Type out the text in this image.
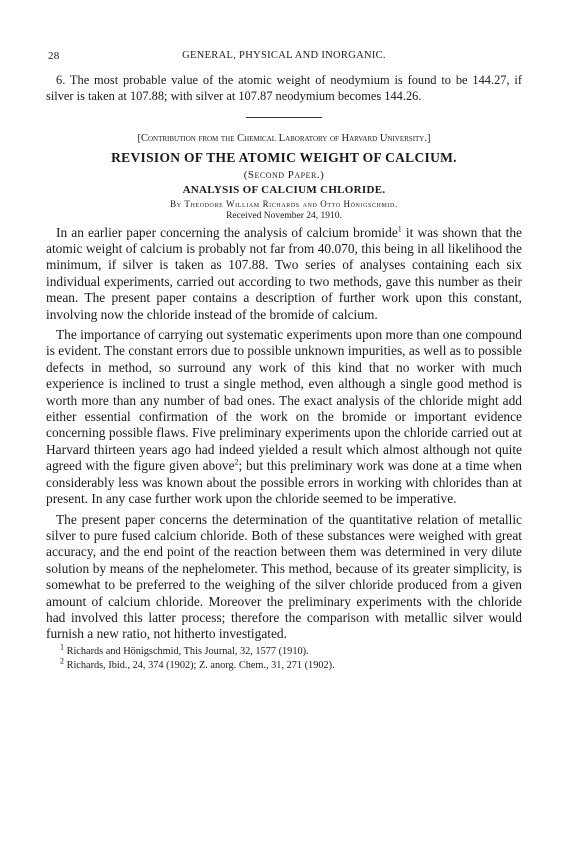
28	GENERAL, PHYSICAL AND INORGANIC.

6. The most probable value of the atomic weight of neodymium is found to be 144.27, if silver is taken at 107.88; with silver at 107.87 neodymium becomes 144.26.

[Contribution from the Chemical Laboratory of Harvard University.]
REVISION OF THE ATOMIC WEIGHT OF CALCIUM.
(Second Paper.)
ANALYSIS OF CALCIUM CHLORIDE.
By Theodore William Richards and Otto Hönigschmid.
Received November 24, 1910.

In an earlier paper concerning the analysis of calcium bromide$^1$ it was shown that the atomic weight of calcium is probably not far from 40.070, this being in all likelihood the minimum, if silver is taken as 107.88. Two series of analyses containing each six individual experiments, carried out according to two methods, gave this number as their mean. The present paper contains a description of further work upon this constant, involving now the chloride instead of the bromide of calcium.

The importance of carrying out systematic experiments upon more than one compound is evident. The constant errors due to possible unknown impurities, as well as to possible defects in method, so surround any work of this kind that no worker with much experience is inclined to trust a single method, even although a single good method is worth more than any number of bad ones. The exact analysis of the chloride might add either essential confirmation of the work on the bromide or important evidence concerning possible flaws. Five preliminary experiments upon the chloride carried out at Harvard thirteen years ago had indeed yielded a result which almost although not quite agreed with the figure given above$^2$; but this preliminary work was done at a time when considerably less was known about the possible errors in working with chlorides than at present. In any case further work upon the chloride seemed to be imperative.

The present paper concerns the determination of the quantitative relation of metallic silver to pure fused calcium chloride. Both of these substances were weighed with great accuracy, and the end point of the reaction between them was determined in very dilute solution by means of the nephelometer. This method, because of its greater simplicity, is somewhat to be preferred to the weighing of the silver chloride produced from a given amount of calcium chloride. Moreover the preliminary experiments with the chloride had involved this latter process; therefore the comparison with metallic silver would furnish a new ratio, not hitherto investigated.

$^1$ Richards and Hönigschmid, This Journal, 32, 1577 (1910).
$^2$ Richards, Ibid., 24, 374 (1902); Z. anorg. Chem., 31, 271 (1902).
